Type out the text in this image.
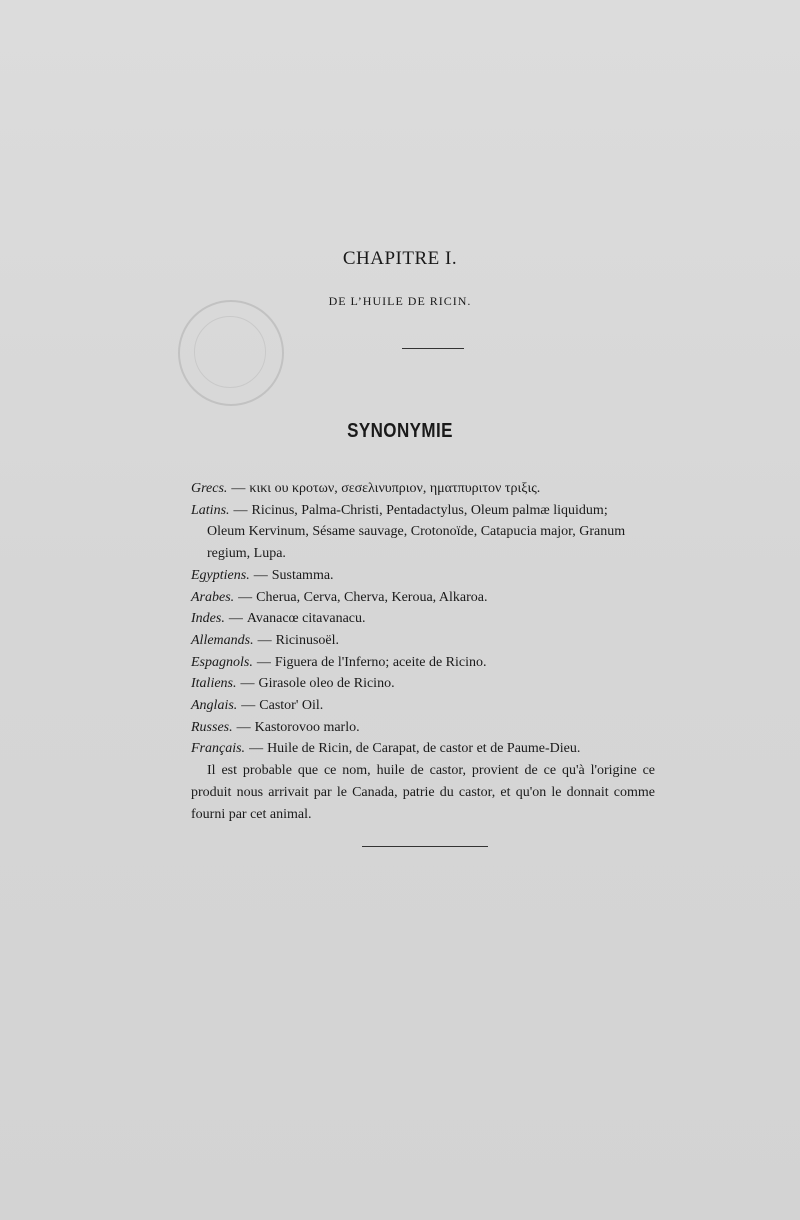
CHAPITRE I.
DE L’HUILE DE RICIN.
SYNONYMIE

Grecs. — κικι ου κροτων, σεσελινυπριον, ηματπυριτον τριξις.

Latins. — Ricinus, Palma-Christi, Pentadactylus, Oleum palmæ liquidum;
Oleum Kervinum, Sésame sauvage, Crotonoïde, Catapucia major, Granum regium, Lupa.

Egyptiens. — Sustamma.

Arabes. — Cherua, Cerva, Cherva, Keroua, Alkaroa.

Indes. — Avanacœ citavanacu.

Allemands. — Ricinusoël.

Espagnols. — Figuera de l'Inferno; aceite de Ricino.

Italiens. — Girasole oleo de Ricino.

Anglais. — Castor' Oil.

Russes. — Kastorovoo marlo.

Français. — Huile de Ricin, de Carapat, de castor et de Paume-Dieu.

Il est probable que ce nom, huile de castor, provient de ce qu'à l'origine ce produit nous arrivait par le Canada, patrie du castor, et qu'on le donnait comme fourni par cet animal.
